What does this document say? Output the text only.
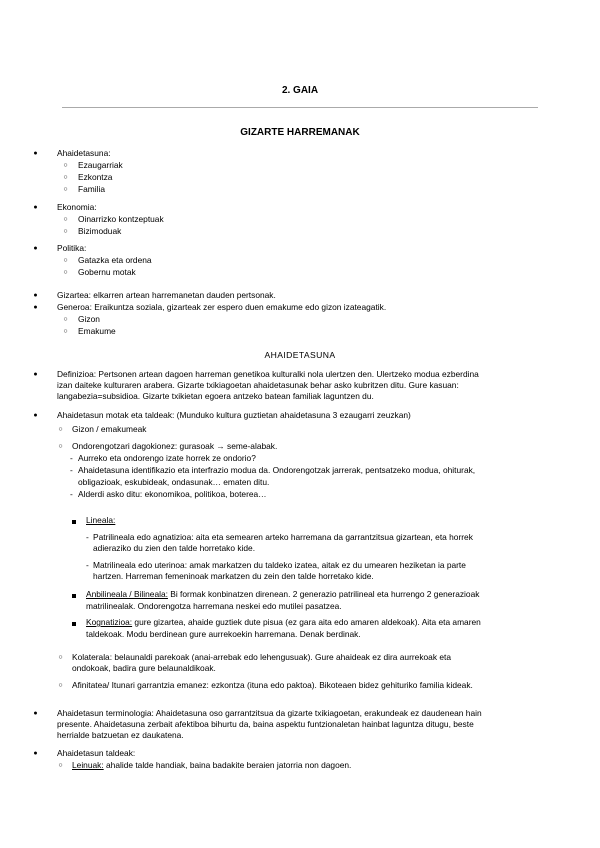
2. GAIA
GIZARTE HARREMANAK
● Ahaidetasuna:
○ Ezaugarriak
○ Ezkontza
○ Familia
● Ekonomia:
○ Oinarrizko kontzeptuak
○ Bizimoduak
● Politika:
○ Gatazka eta ordena
○ Gobernu motak
● Gizartea: elkarren artean harremanetan dauden pertsonak.
● Generoa: Eraikuntza soziala, gizarteak zer espero duen emakume edo gizon izateagatik.
○ Gizon
○ Emakume
AHAIDETASUNA
● Definizioa: Pertsonen artean dagoen harreman genetikoa kulturalki nola ulertzen den. Ulertzeko modua ezberdina

izan daiteke kulturaren arabera. Gizarte txikiagoetan ahaidetasunak behar asko kubritzen ditu. Gure kasuan:

langabezia=subsidioa. Gizarte txikietan egoera antzeko batean familiak laguntzen du.

● Ahaidetasun motak eta taldeak: (Munduko kultura guztietan ahaidetasuna 3 ezaugarri zeuzkan)
○ Gizon / emakumeak
○ Ondorengotzari dagokionez: gurasoak → seme-alabak.
- Aurreko eta ondorengo izate horrek ze ondorio?
- Ahaidetasuna identifikazio eta interfrazio modua da. Ondorengotzak jarrerak, pentsatzeko modua, ohiturak,
obligazioak, eskubideak, ondasunak… ematen ditu.
- Alderdi asko ditu: ekonomikoa, politikoa, boterea…
Lineala:
- Patrilineala edo agnatizioa: aita eta semearen arteko harremana da garrantzitsua gizartean, eta horrek

adieraziko du zien den talde horretako kide.

- Matrilineala edo uterinoa: amak markatzen du taldeko izatea, aitak ez du umearen heziketan ia parte

hartzen. Harreman femeninoak markatzen du zein den talde horretako kide.

Anbilineala / Bilineala: Bi formak konbinatzen direnean. 2 generazio patrilineal eta hurrengo 2 generazioak
matrilinealak. Ondorengotza harremana neskei edo mutilei pasatzea.
Kognatizioa: gure gizartea, ahaide guztiek dute pisua (ez gara aita edo amaren aldekoak). Aita eta amaren
taldekoak. Modu berdinean gure aurrekoekin harremana. Denak berdinak.
○ Kolaterala: belaunaldi parekoak (anai-arrebak edo lehengusuak). Gure ahaideak ez dira aurrekoak eta

ondokoak, badira gure belaunaldikoak.

○ Afinitatea/ Itunari garrantzia emanez: ezkontza (ituna edo paktoa). Bikoteaen bidez gehituriko familia kideak.
● Ahaidetasun terminologia: Ahaidetasuna oso garrantzitsua da gizarte txikiagoetan, erakundeak ez daudenean hain

presente. Ahaidetasuna zerbait afektiboa bihurtu da, baina aspektu funtzionaletan hainbat laguntza ditugu, beste

herrialde batzuetan ez daukatena.

● Ahaidetasun taldeak:
○ Leinuak: ahalide talde handiak, baina badakite beraien jatorria non dagoen.
